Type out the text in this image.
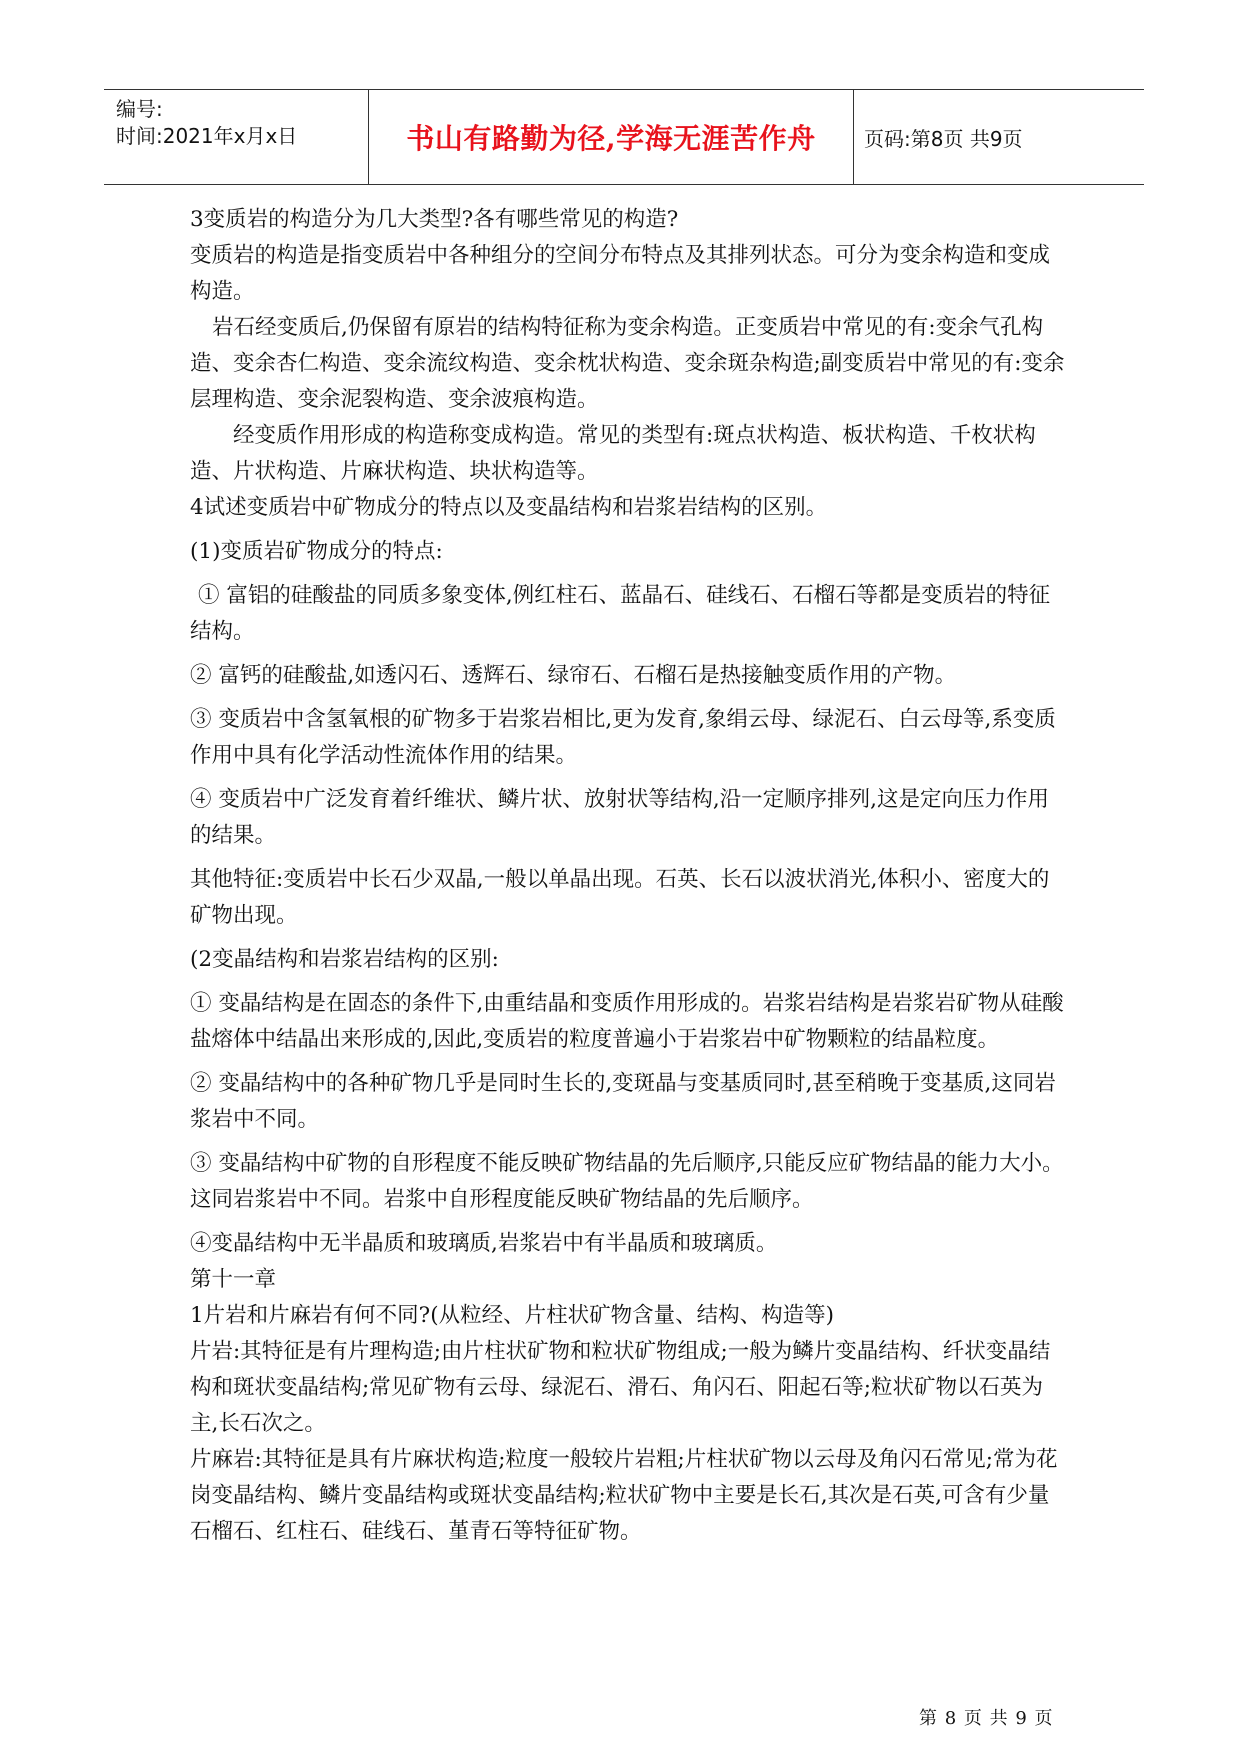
编号:
时间:2021年x月x日	书山有路勤为径,学海无涯苦作舟 页码:第8页 共9页

3变质岩的构造分为几大类型?各有哪些常见的构造?

变质岩的构造是指变质岩中各种组分的空间分布特点及其排列状态。可分为变余构造和变成构造。

岩石经变质后,仍保留有原岩的结构特征称为变余构造。正变质岩中常见的有:变余气孔构造、变余杏仁构造、变余流纹构造、变余枕状构造、变余斑杂构造;副变质岩中常见的有:变余层理构造、变余泥裂构造、变余波痕构造。

经变质作用形成的构造称变成构造。常见的类型有:斑点状构造、板状构造、千枚状构造、片状构造、片麻状构造、块状构造等。

4试述变质岩中矿物成分的特点以及变晶结构和岩浆岩结构的区别。

(1)变质岩矿物成分的特点:

① 富铝的硅酸盐的同质多象变体,例红柱石、蓝晶石、硅线石、石榴石等都是变质岩的特征结构。

② 富钙的硅酸盐,如透闪石、透辉石、绿帘石、石榴石是热接触变质作用的产物。

③ 变质岩中含氢氧根的矿物多于岩浆岩相比,更为发育,象绢云母、绿泥石、白云母等,系变质作用中具有化学活动性流体作用的结果。

④ 变质岩中广泛发育着纤维状、鳞片状、放射状等结构,沿一定顺序排列,这是定向压力作用的结果。

其他特征:变质岩中长石少双晶,一般以单晶出现。石英、长石以波状消光,体积小、密度大的矿物出现。

(2变晶结构和岩浆岩结构的区别:

① 变晶结构是在固态的条件下,由重结晶和变质作用形成的。岩浆岩结构是岩浆岩矿物从硅酸盐熔体中结晶出来形成的,因此,变质岩的粒度普遍小于岩浆岩中矿物颗粒的结晶粒度。

② 变晶结构中的各种矿物几乎是同时生长的,变斑晶与变基质同时,甚至稍晚于变基质,这同岩浆岩中不同。

③ 变晶结构中矿物的自形程度不能反映矿物结晶的先后顺序,只能反应矿物结晶的能力大小。这同岩浆岩中不同。岩浆中自形程度能反映矿物结晶的先后顺序。

④变晶结构中无半晶质和玻璃质,岩浆岩中有半晶质和玻璃质。

第十一章

1片岩和片麻岩有何不同?(从粒经、片柱状矿物含量、结构、构造等)

片岩:其特征是有片理构造;由片柱状矿物和粒状矿物组成;一般为鳞片变晶结构、纤状变晶结构和斑状变晶结构;常见矿物有云母、绿泥石、滑石、角闪石、阳起石等;粒状矿物以石英为主,长石次之。

片麻岩:其特征是具有片麻状构造;粒度一般较片岩粗;片柱状矿物以云母及角闪石常见;常为花岗变晶结构、鳞片变晶结构或斑状变晶结构;粒状矿物中主要是长石,其次是石英,可含有少量石榴石、红柱石、硅线石、堇青石等特征矿物。

第 8 页 共 9 页
